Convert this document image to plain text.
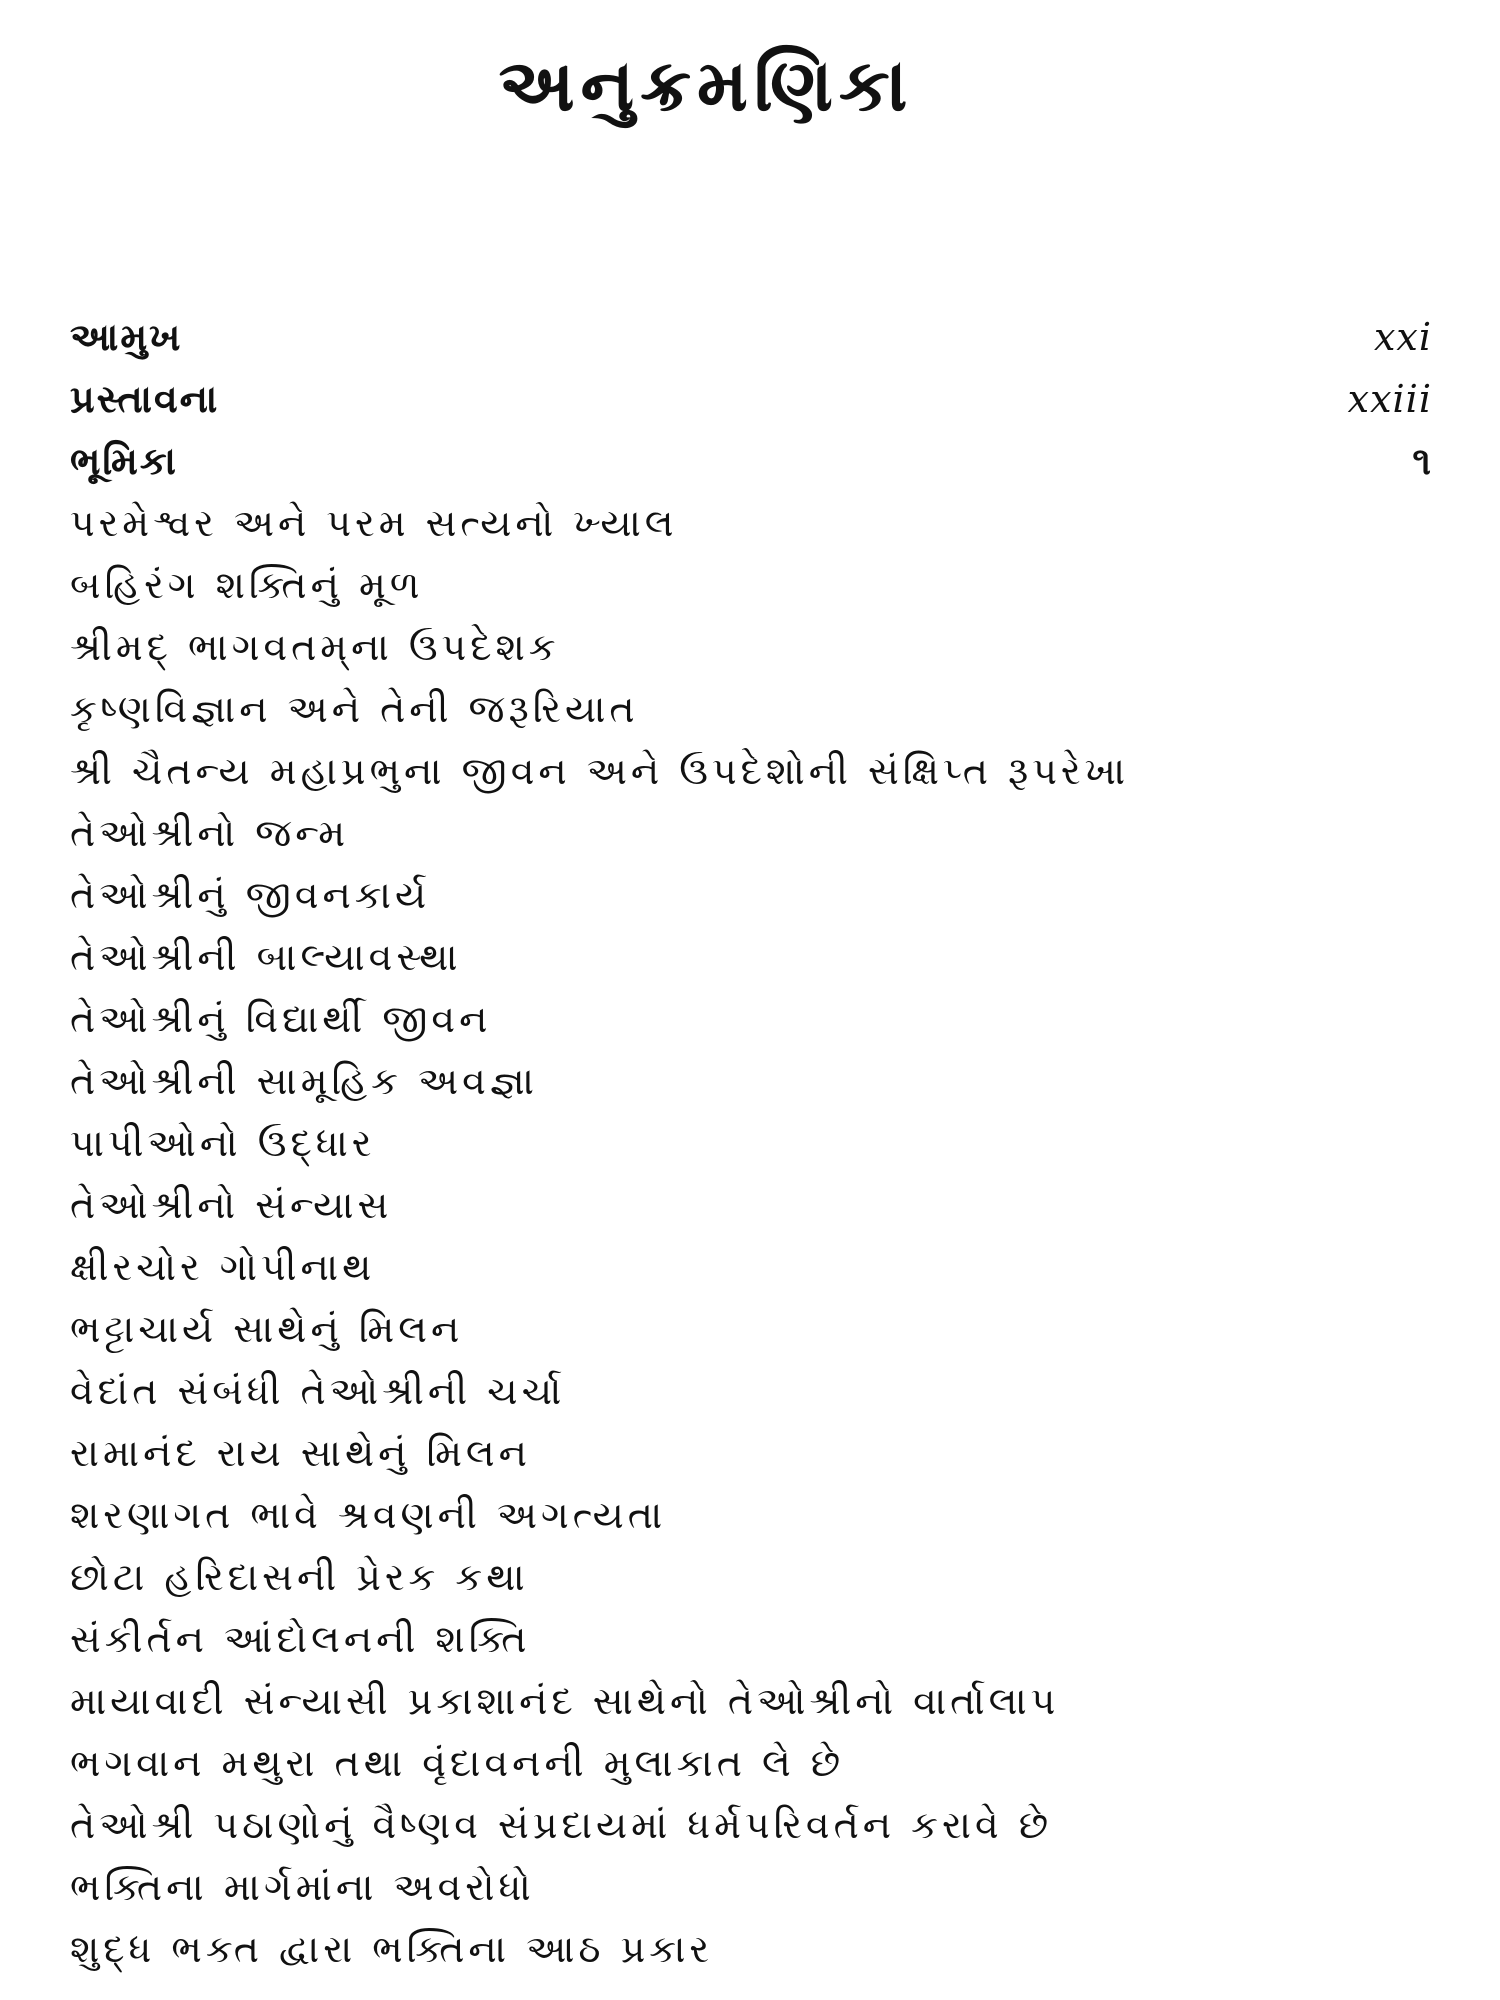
અનુક્રમણિકા
આમુખ	xxi
પ્રસ્તાવના	xxiii
ભૂમિકા	૧
પરમેશ્વર અને પરમ સત્યનો ખ્યાલ
બહિરંગ શક્તિનું મૂળ
શ્રીમદ્ ભાગવતમ્‌ના ઉપદેશક
કૃષ્ણવિજ્ઞાન અને તેની જરૂરિયાત
શ્રી ચૈતન્ય મહાપ્રભુના જીવન અને ઉપદેશોની સંક્ષિપ્ત રૂપરેખા
તેઓશ્રીનો જન્મ
તેઓશ્રીનું જીવનકાર્ય
તેઓશ્રીની બાલ્યાવસ્થા
તેઓશ્રીનું વિદ્યાર્થી જીવન
તેઓશ્રીની સામૂહિક અવજ્ઞા
પાપીઓનો ઉદ્ધાર
તેઓશ્રીનો સંન્યાસ
ક્ષીરચોર ગોપીનાથ
ભટ્ટાચાર્ય સાથેનું મિલન
વેદાંત સંબંધી તેઓશ્રીની ચર્ચા
રામાનંદ રાય સાથેનું મિલન
શરણાગત ભાવે શ્રવણની અગત્યતા
છોટા હરિદાસની પ્રેરક કથા
સંકીર્તન આંદોલનની શક્તિ
માયાવાદી સંન્યાસી પ્રકાશાનંદ સાથેનો તેઓશ્રીનો વાર્તાલાપ
ભગવાન મથુરા તથા વૃંદાવનની મુલાકાત લે છે
તેઓશ્રી પઠાણોનું વૈષ્ણવ સંપ્રદાયમાં ધર્મપરિવર્તન કરાવે છે
ભક્તિના માર્ગમાંના અવરોધો
શુદ્ધ ભક્ત દ્વારા ભક્તિના આઠ પ્રકાર
